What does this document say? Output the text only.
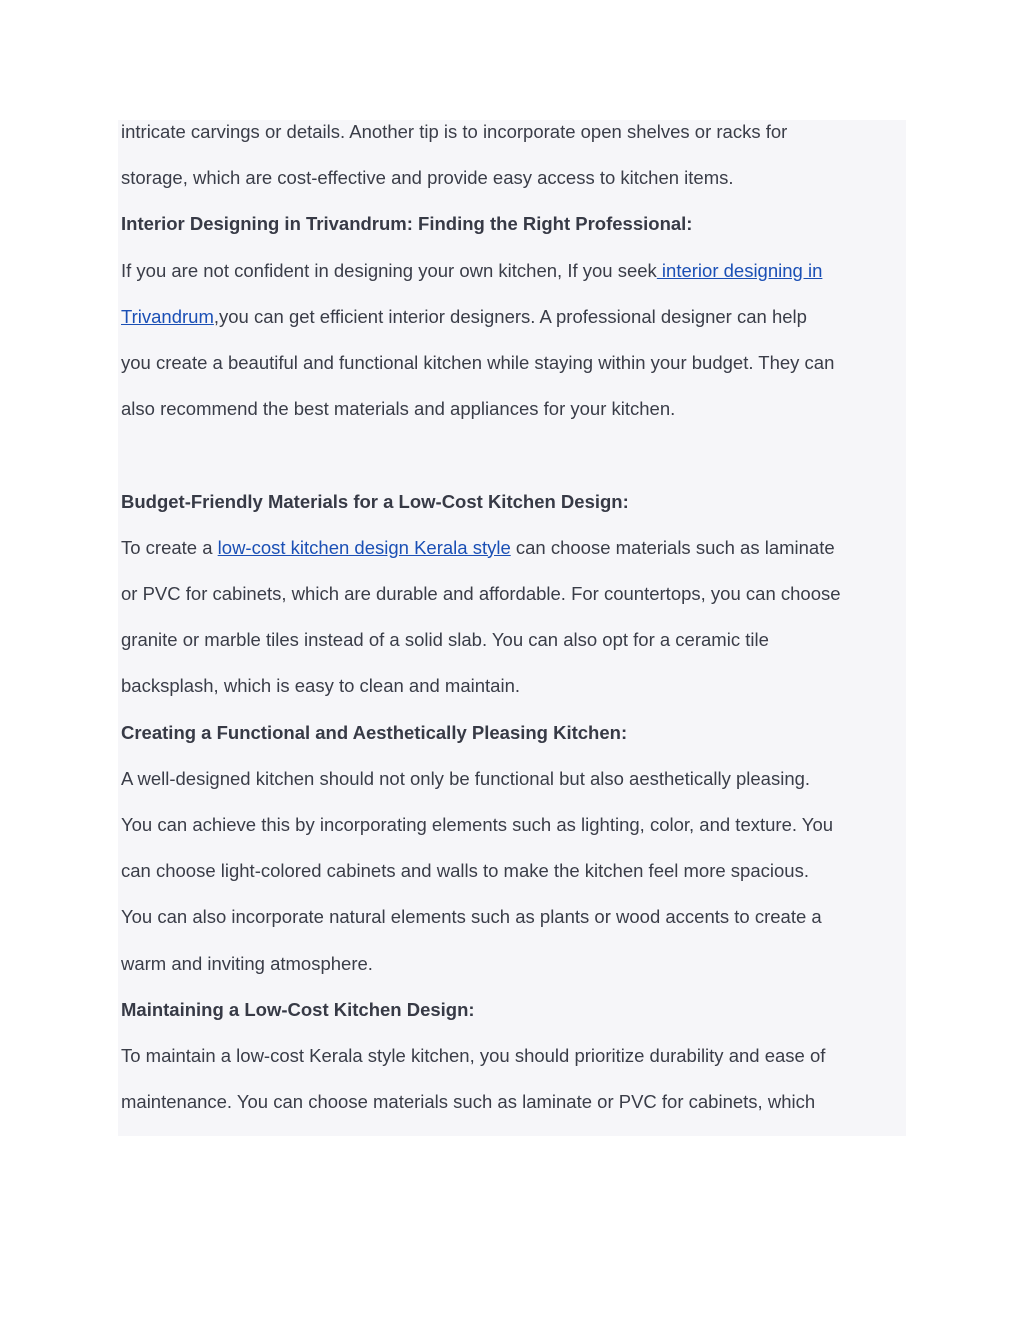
intricate carvings or details. Another tip is to incorporate open shelves or racks for

storage, which are cost-effective and provide easy access to kitchen items.

Interior Designing in Trivandrum: Finding the Right Professional:

If you are not confident in designing your own kitchen, If you seek interior designing in

Trivandrum,you can get efficient interior designers. A professional designer can help

you create a beautiful and functional kitchen while staying within your budget. They can

also recommend the best materials and appliances for your kitchen.

Budget-Friendly Materials for a Low-Cost Kitchen Design:

To create a low-cost kitchen design Kerala style can choose materials such as laminate

or PVC for cabinets, which are durable and affordable. For countertops, you can choose

granite or marble tiles instead of a solid slab. You can also opt for a ceramic tile

backsplash, which is easy to clean and maintain.

Creating a Functional and Aesthetically Pleasing Kitchen:

A well-designed kitchen should not only be functional but also aesthetically pleasing.

You can achieve this by incorporating elements such as lighting, color, and texture. You

can choose light-colored cabinets and walls to make the kitchen feel more spacious.

You can also incorporate natural elements such as plants or wood accents to create a

warm and inviting atmosphere.

Maintaining a Low-Cost Kitchen Design:

To maintain a low-cost Kerala style kitchen, you should prioritize durability and ease of

maintenance. You can choose materials such as laminate or PVC for cabinets, which
